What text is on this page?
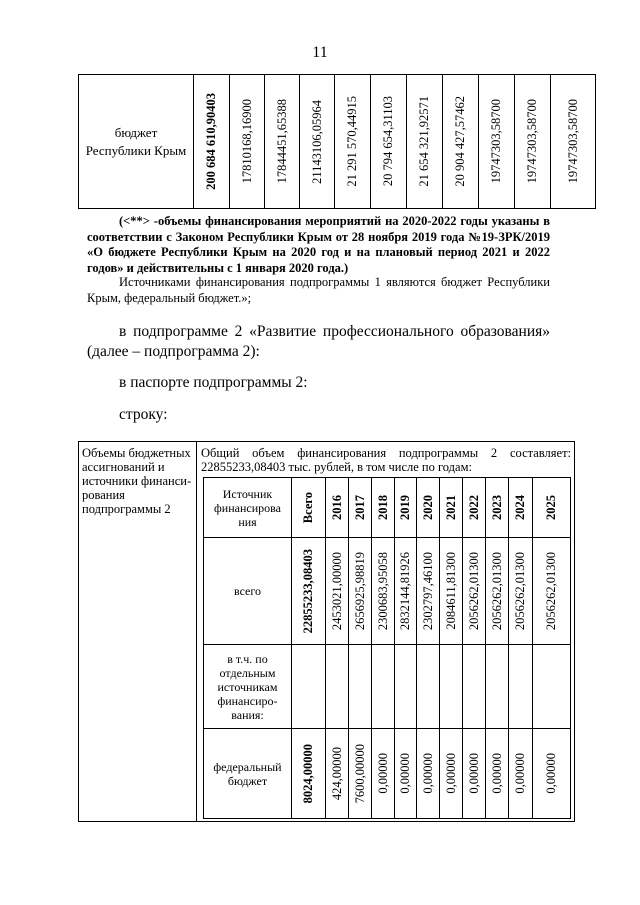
11
бюджет
Республики Крым	200 684 610,90403	17810168,16900	17844451,65388	21143106,05964	21 291 570,44915	20 794 654,31103	21 654 321,92571	20 904 427,57462	19747303,58700	19747303,58700	19747303,58700
(<**> -объемы финансирования мероприятий на 2020-2022 годы указаны в соответствии с Законом Республики Крым от 28 ноября 2019 года №19-ЗРК/2019 «О бюджете Республики Крым на 2020 год и на плановый период 2021 и 2022 годов» и действительны с 1 января 2020 года.)
Источниками финансирования подпрограммы 1 являются бюджет Республики Крым, федеральный бюджет.»;
в подпрограмме 2 «Развитие профессионального образования» (далее – подпрограмма 2):
в паспорте подпрограммы 2:
строку:
Объемы бюджетных ассигнований и источники финанси-рования подпрограммы 2
Общий объем финансирования подпрограммы 2 составляет: 22855233,08403 тыс. рублей, в том числе по годам:
Источник финансирова ния	Всего	2016	2017	2018	2019	2020	2021	2022	2023	2024	2025

всего	22855233,08403	2453021,00000	2656925,98819	2300683,95058	2832144,81926	2302797,46100	2084611,81300	2056262,01300	2056262,01300	2056262,01300	2056262,01300

в т.ч. по отдельным источникам финансиро-вания:											
федеральный бюджет	8024,00000	424,00000	7600,00000	0,00000	0,00000	0,00000	0,00000	0,00000	0,00000	0,00000	0,00000
